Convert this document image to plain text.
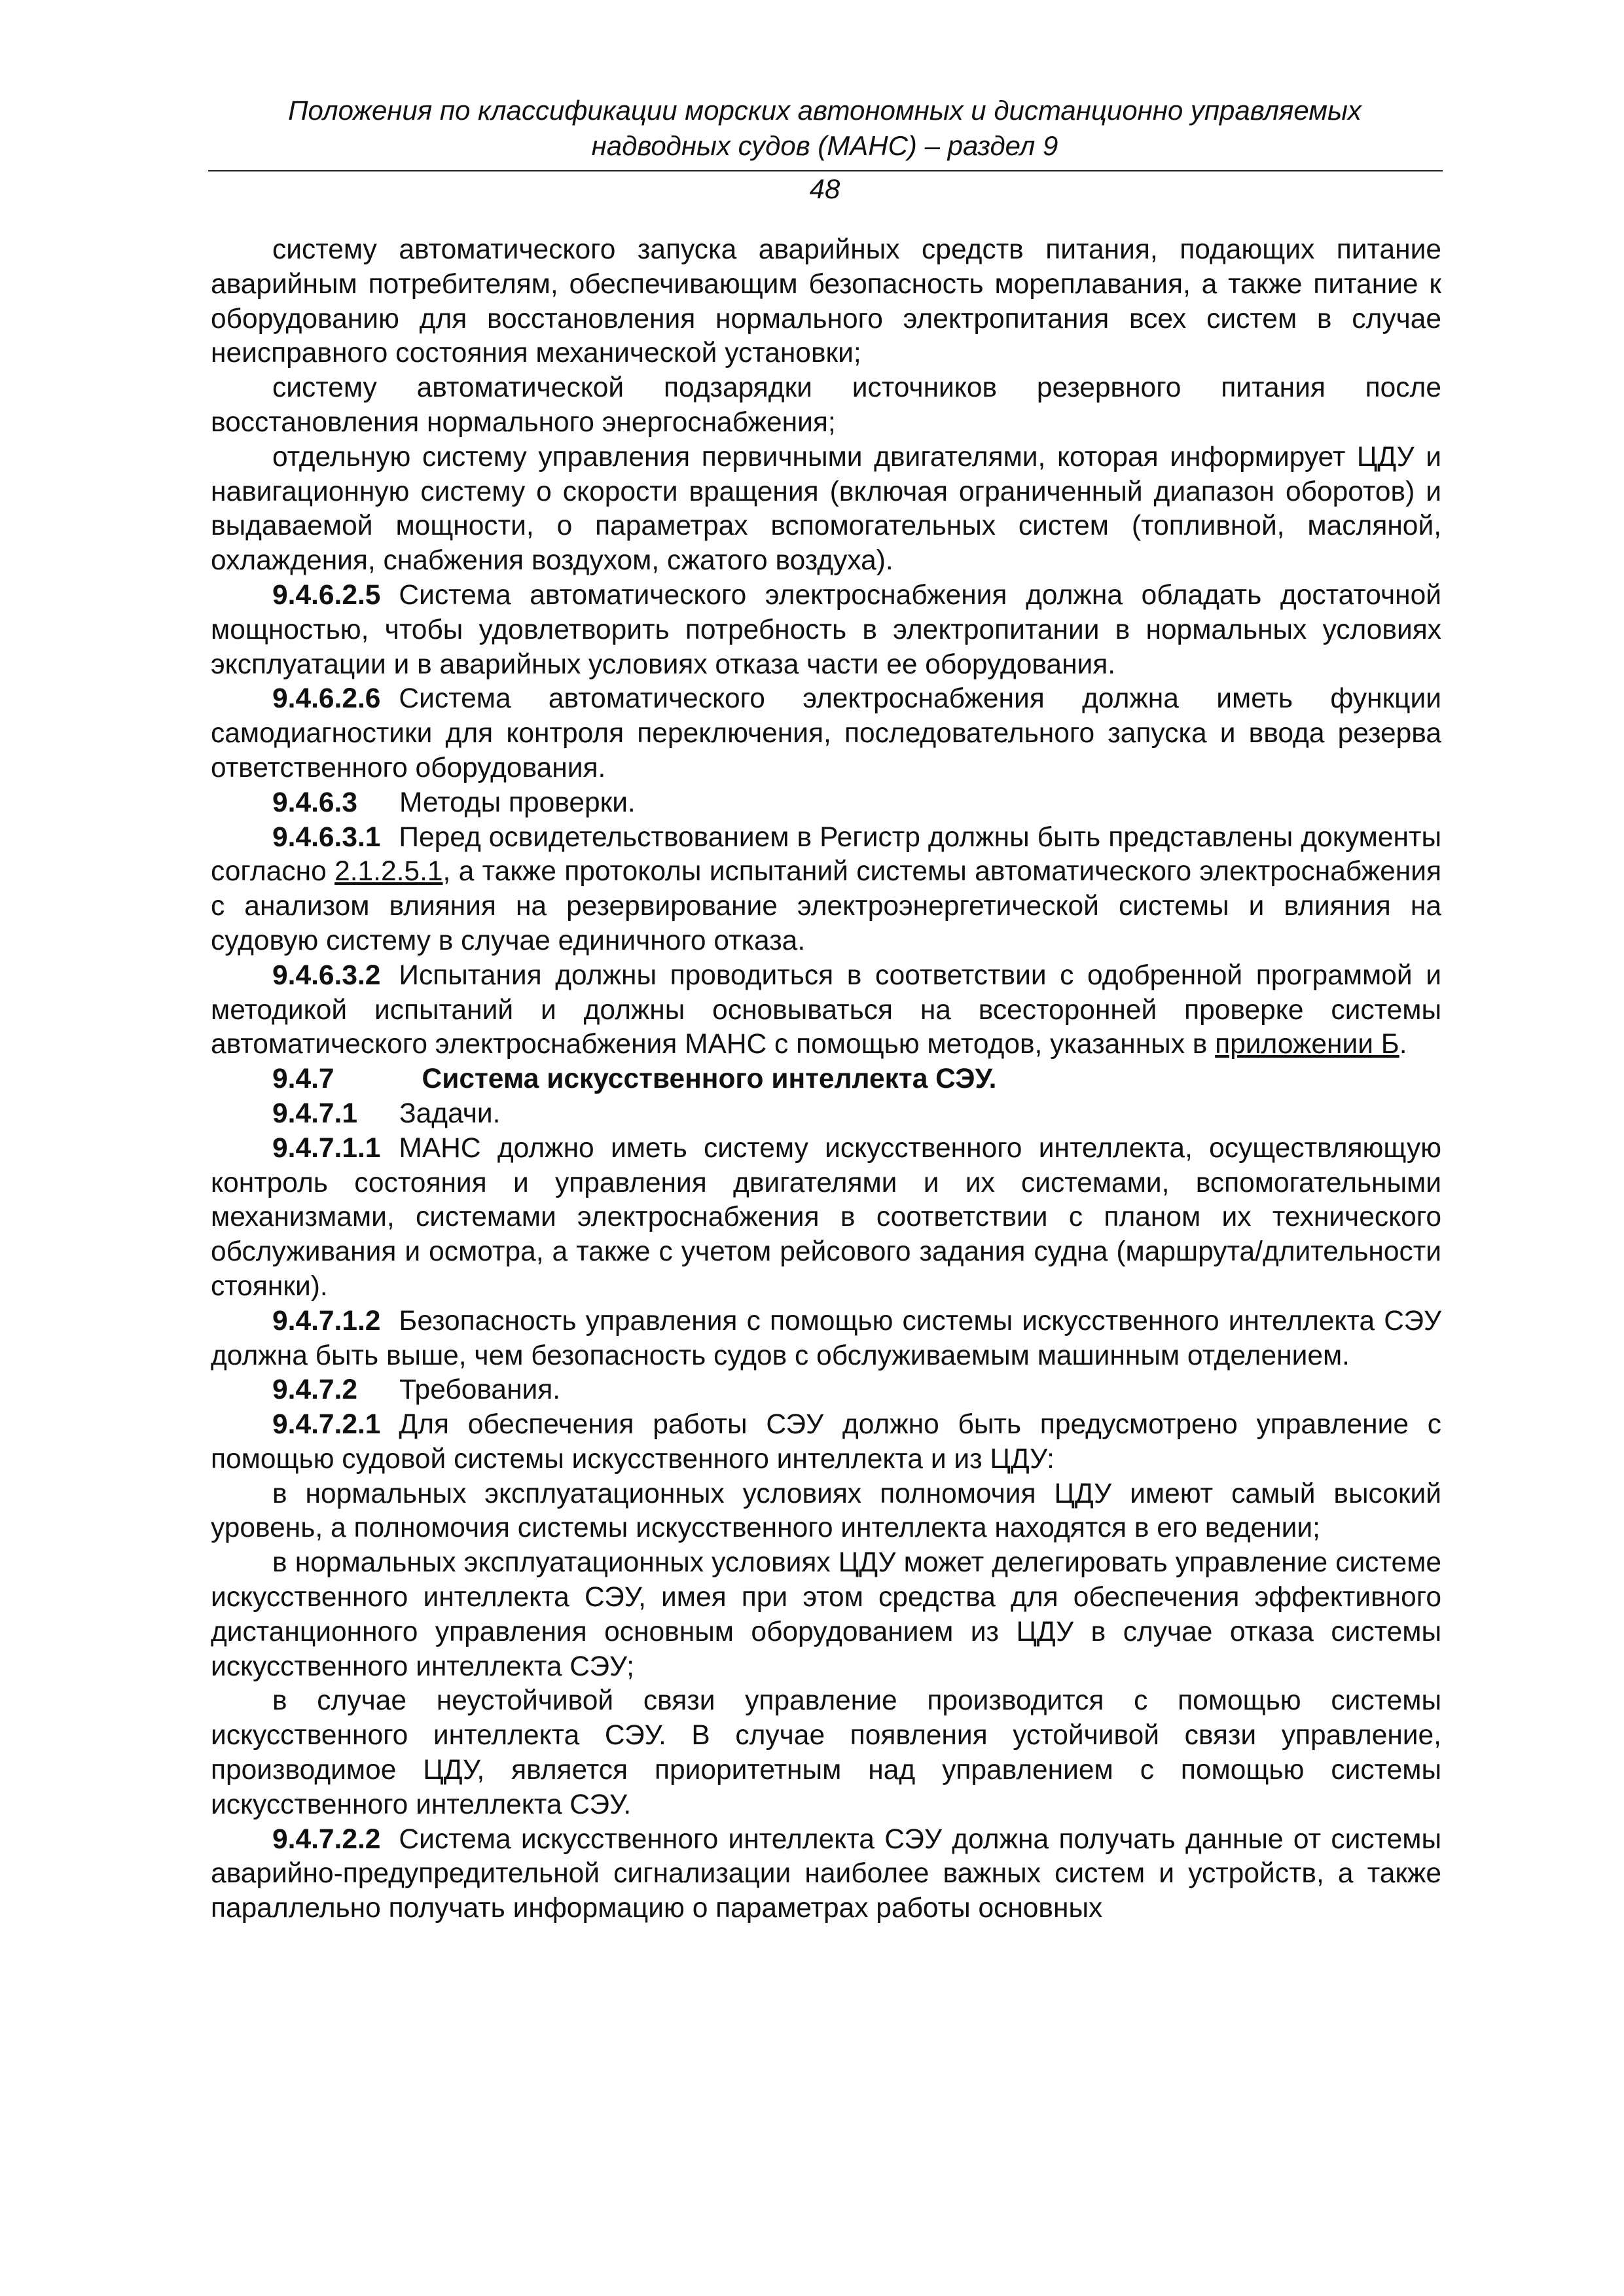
Положения по классификации морских автономных и дистанционно управляемых
надводных судов (МАНС) – раздел 9
48

систему автоматического запуска аварийных средств питания, подающих питание аварийным потребителям, обеспечивающим безопасность мореплавания, а также питание к оборудованию для восстановления нормального электропитания всех систем в случае неисправного состояния механической установки;

систему автоматической подзарядки источников резервного питания после восстановления нормального энергоснабжения;

отдельную систему управления первичными двигателями, которая информирует ЦДУ и навигационную систему о скорости вращения (включая ограниченный диапазон оборотов) и выдаваемой мощности, о параметрах вспомогательных систем (топливной, масляной, охлаждения, снабжения воздухом, сжатого воздуха).

9.4.6.2.5 Система автоматического электроснабжения должна обладать достаточной мощностью, чтобы удовлетворить потребность в электропитании в нормальных условиях эксплуатации и в аварийных условиях отказа части ее оборудования.

9.4.6.2.6 Система автоматического электроснабжения должна иметь функции самодиагностики для контроля переключения, последовательного запуска и ввода резерва ответственного оборудования.

9.4.6.3 Методы проверки.

9.4.6.3.1 Перед освидетельствованием в Регистр должны быть представлены документы согласно 2.1.2.5.1, а также протоколы испытаний системы автоматического электроснабжения с анализом влияния на резервирование электроэнергетической системы и влияния на судовую систему в случае единичного отказа.

9.4.6.3.2 Испытания должны проводиться в соответствии с одобренной программой и методикой испытаний и должны основываться на всесторонней проверке системы автоматического электроснабжения МАНС с помощью методов, указанных в приложении Б.

9.4.7	Система искусственного интеллекта СЭУ.

9.4.7.1 Задачи.

9.4.7.1.1 МАНС должно иметь систему искусственного интеллекта, осуществляющую контроль состояния и управления двигателями и их системами, вспомогательными механизмами, системами электроснабжения в соответствии с планом их технического обслуживания и осмотра, а также с учетом рейсового задания судна (маршрута/длительности стоянки).

9.4.7.1.2 Безопасность управления с помощью системы искусственного интеллекта СЭУ должна быть выше, чем безопасность судов с обслуживаемым машинным отделением.

9.4.7.2 Требования.

9.4.7.2.1 Для обеспечения работы СЭУ должно быть предусмотрено управление с помощью судовой системы искусственного интеллекта и из ЦДУ:

в нормальных эксплуатационных условиях полномочия ЦДУ имеют самый высокий уровень, а полномочия системы искусственного интеллекта находятся в его ведении;

в нормальных эксплуатационных условиях ЦДУ может делегировать управление системе искусственного интеллекта СЭУ, имея при этом средства для обеспечения эффективного дистанционного управления основным оборудованием из ЦДУ в случае отказа системы искусственного интеллекта СЭУ;

в случае неустойчивой связи управление производится с помощью системы искусственного интеллекта СЭУ. В случае появления устойчивой связи управление, производимое ЦДУ, является приоритетным над управлением с помощью системы искусственного интеллекта СЭУ.

9.4.7.2.2 Система искусственного интеллекта СЭУ должна получать данные от системы аварийно-предупредительной сигнализации наиболее важных систем и устройств, а также параллельно получать информацию о параметрах работы основных
